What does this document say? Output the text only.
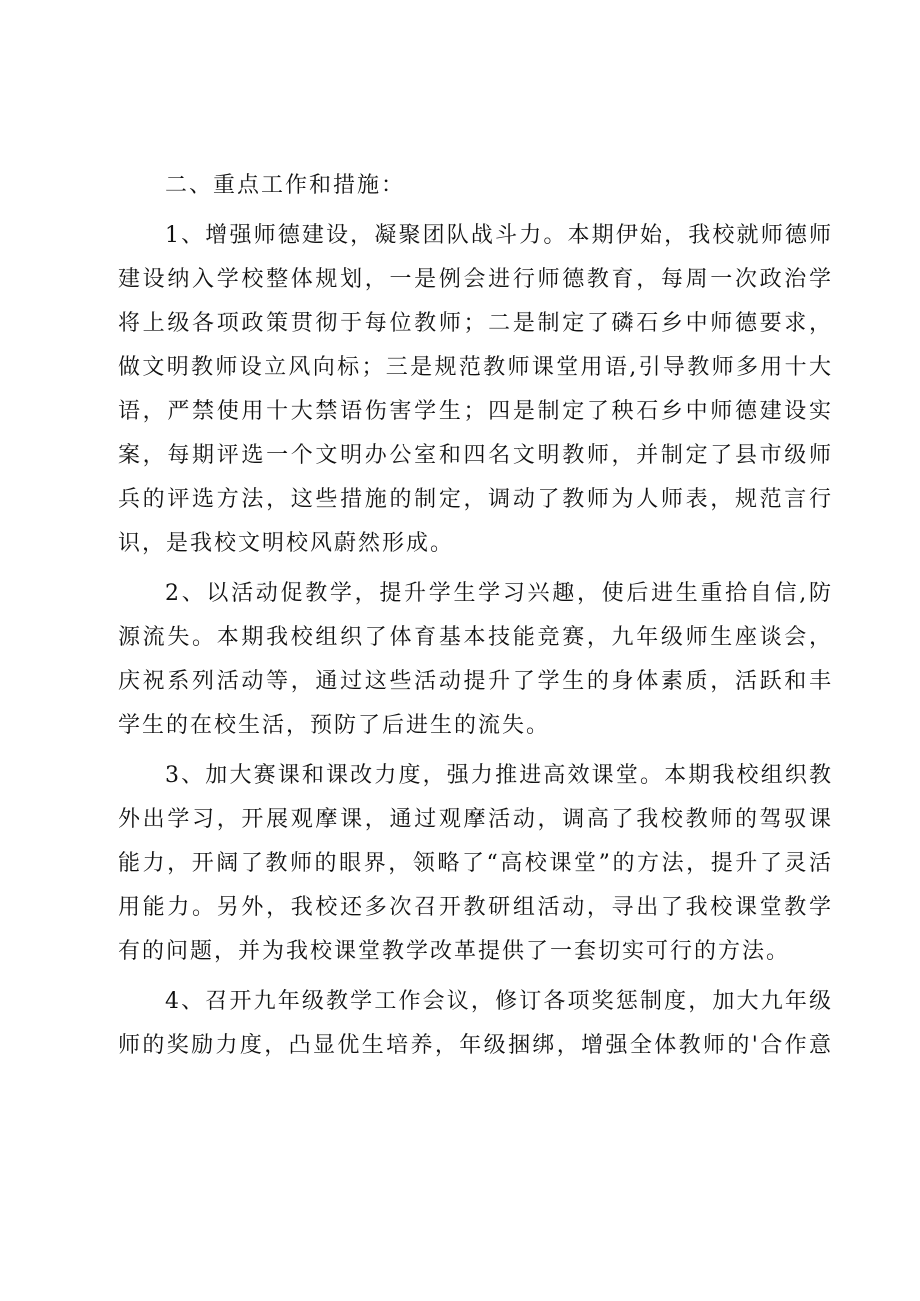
二、重点工作和措施：
1、增强师德建设，凝聚团队战斗力。本期伊始，我校就师德师
建设纳入学校整体规划，一是例会进行师德教育，每周一次政治学
将上级各项政策贯彻于每位教师；二是制定了磷石乡中师德要求，
做文明教师设立风向标；三是规范教师课堂用语,引导教师多用十大
语，严禁使用十大禁语伤害学生；四是制定了秧石乡中师德建设实
案，每期评选一个文明办公室和四名文明教师，并制定了县市级师
兵的评选方法，这些措施的制定，调动了教师为人师表，规范言行
识，是我校文明校风蔚然形成。
2、以活动促教学，提升学生学习兴趣，使后进生重拾自信,防
源流失。本期我校组织了体育基本技能竞赛，九年级师生座谈会，
庆祝系列活动等，通过这些活动提升了学生的身体素质，活跃和丰
学生的在校生活，预防了后进生的流失。
3、加大赛课和课改力度，强力推进高效课堂。本期我校组织教
外出学习，开展观摩课，通过观摩活动，调高了我校教师的驾驭课
能力，开阔了教师的眼界，领略了“高校课堂”的方法，提升了灵活
用能力。另外，我校还多次召开教研组活动，寻出了我校课堂教学
有的问题，并为我校课堂教学改革提供了一套切实可行的方法。
4、召开九年级教学工作会议，修订各项奖惩制度，加大九年级
师的奖励力度，凸显优生培养，年级捆绑，增强全体教师的'合作意
